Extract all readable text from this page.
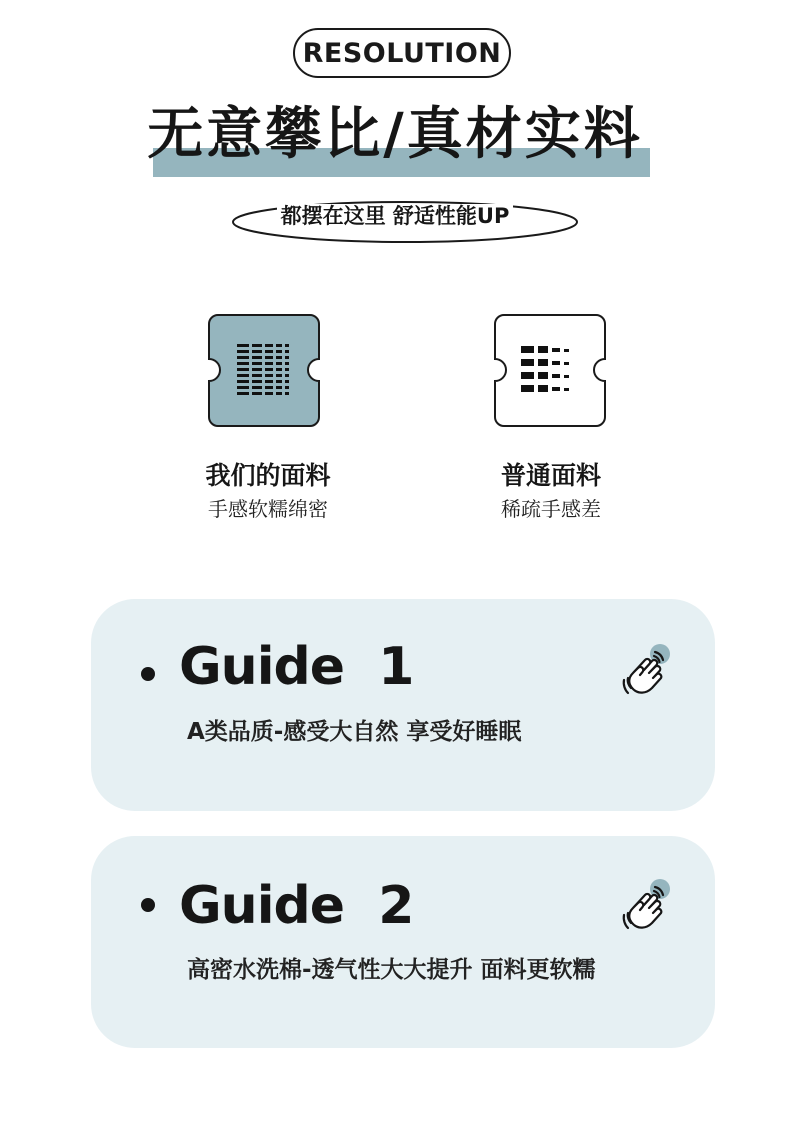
RESOLUTION
无意攀比/真材实料
都摆在这里 舒适性能UP
我们的面料
手感软糯绵密
普通面料
稀疏手感差
Guide  1
A类品质-感受大自然 享受好睡眠
Guide  2
高密水洗棉-透气性大大提升 面料更软糯
